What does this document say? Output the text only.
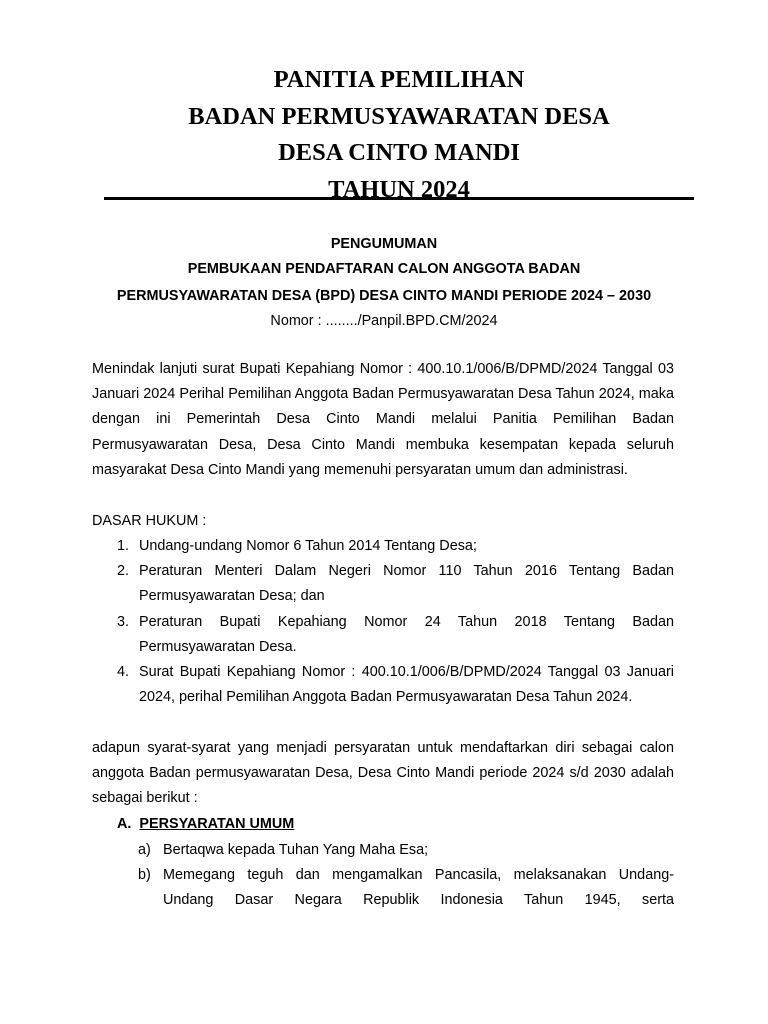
PANITIA PEMILIHAN
BADAN PERMUSYAWARATAN DESA
DESA CINTO MANDI
TAHUN 2024
PENGUMUMAN
PEMBUKAAN PENDAFTARAN CALON ANGGOTA BADAN
PERMUSYAWARATAN DESA (BPD) DESA CINTO MANDI PERIODE 2024 – 2030
Nomor : ......../Panpil.BPD.CM/2024

Menindak lanjuti surat Bupati Kepahiang Nomor : 400.10.1/006/B/DPMD/2024 Tanggal 03 Januari 2024 Perihal Pemilihan Anggota Badan Permusyawaratan Desa Tahun 2024, maka dengan ini Pemerintah Desa Cinto Mandi melalui Panitia Pemilihan Badan Permusyawaratan Desa, Desa Cinto Mandi membuka kesempatan kepada seluruh masyarakat Desa Cinto Mandi yang memenuhi persyaratan umum dan administrasi.

DASAR HUKUM :
1. Undang-undang Nomor 6 Tahun 2014 Tentang Desa;
2. Peraturan Menteri Dalam Negeri Nomor 110 Tahun 2016 Tentang Badan Permusyawaratan Desa; dan
3. Peraturan Bupati Kepahiang Nomor 24 Tahun 2018 Tentang Badan Permusyawaratan Desa.
4. Surat Bupati Kepahiang Nomor : 400.10.1/006/B/DPMD/2024 Tanggal 03 Januari 2024, perihal Pemilihan Anggota Badan Permusyawaratan Desa Tahun 2024.

adapun syarat-syarat yang menjadi persyaratan untuk mendaftarkan diri sebagai calon anggota Badan permusyawaratan Desa, Desa Cinto Mandi periode 2024 s/d 2030 adalah sebagai berikut :

A. PERSYARATAN UMUM
a) Bertaqwa kepada Tuhan Yang Maha Esa;
b) Memegang teguh dan mengamalkan Pancasila, melaksanakan Undang-Undang Dasar Negara Republik Indonesia Tahun 1945, serta
